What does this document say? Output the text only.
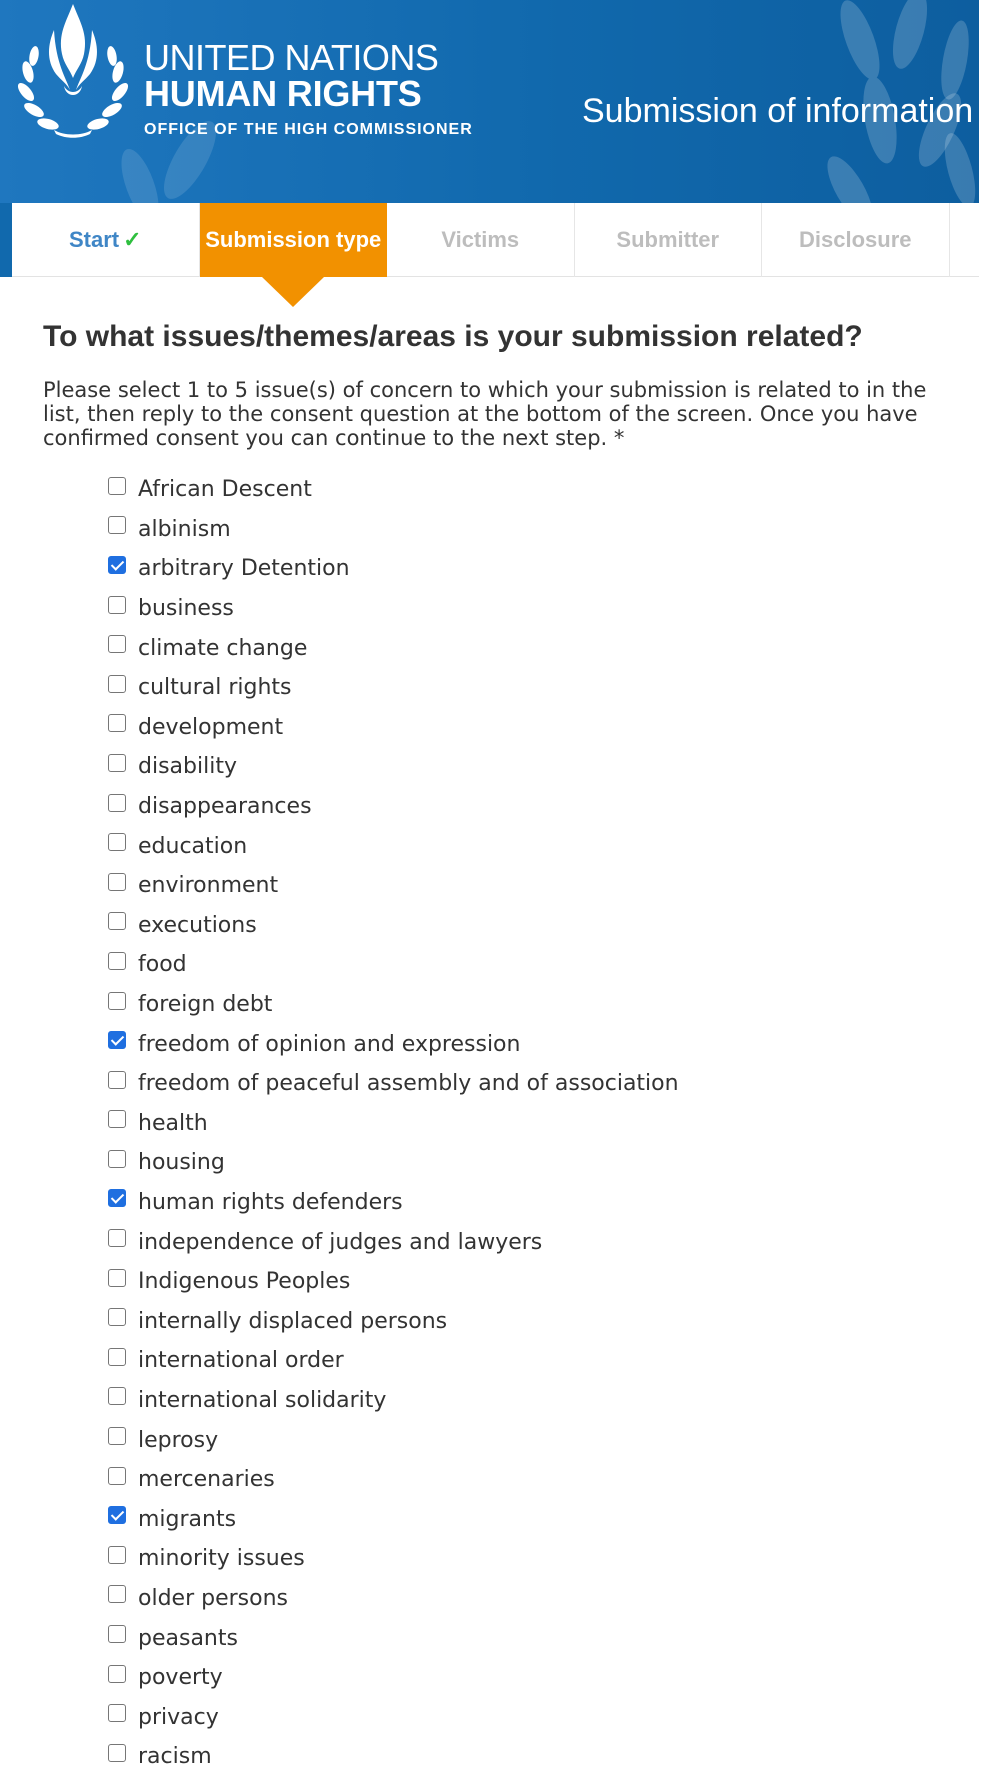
UNITED NATIONS
HUMAN RIGHTS
OFFICE OF THE HIGH COMMISSIONER	Submission of information
Start ✓	Submission type	Victims	Submitter	Disclosure
To what issues/themes/areas is your submission related?

Please select 1 to 5 issue(s) of concern to which your submission is related to in the list, then reply to the consent question at the bottom of the screen. Once you have confirmed consent you can continue to the next step. *

African Descent
albinism
arbitrary Detention
business
climate change
cultural rights
development
disability
disappearances
education
environment
executions
food
foreign debt
freedom of opinion and expression
freedom of peaceful assembly and of association
health
housing
human rights defenders
independence of judges and lawyers
Indigenous Peoples
internally displaced persons
international order
international solidarity
leprosy
mercenaries
migrants
minority issues
older persons
peasants
poverty
privacy
racism
